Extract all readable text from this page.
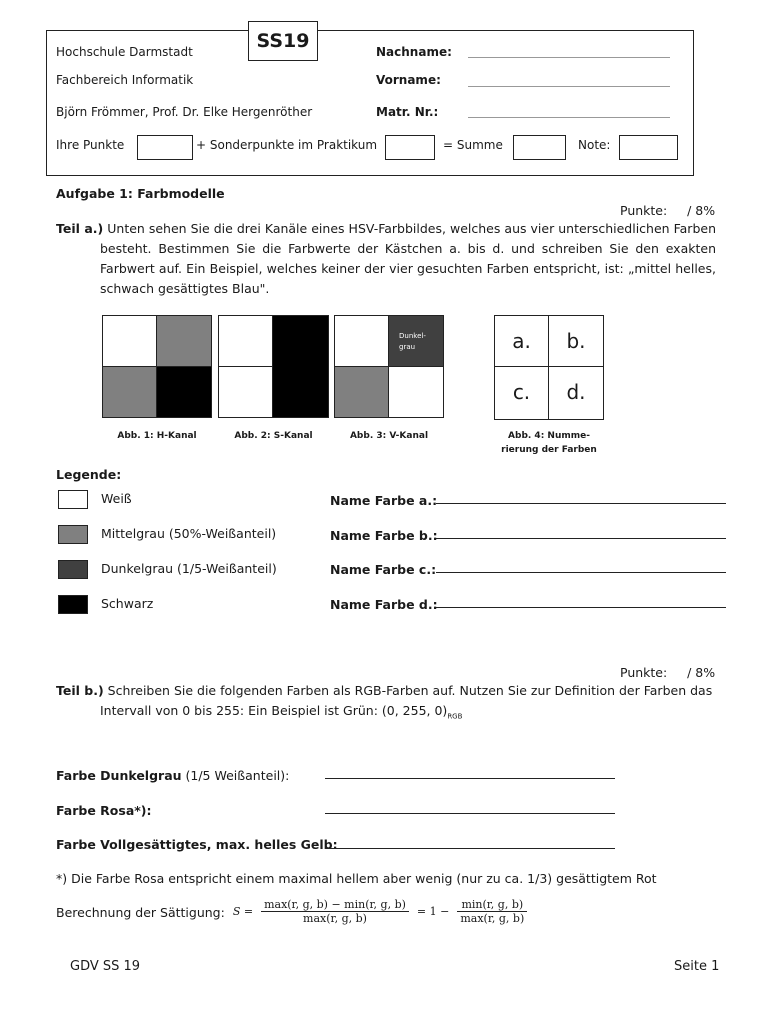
SS19
Hochschule Darmstadt
Fachbereich Informatik
Björn Frömmer, Prof. Dr. Elke Hergenröther
Nachname:
Vorname:
Matr. Nr.:
Ihre Punkte	+ Sonderpunkte im Praktikum	= Summe	Note:
Aufgabe 1: Farbmodelle
Punkte:     / 8%
Teil a.) Unten sehen Sie die drei Kanäle eines HSV-Farbbildes, welches aus vier unterschiedlichen Farben besteht. Bestimmen Sie die Farbwerte der Kästchen a. bis d. und schreiben Sie den exakten Farbwert auf. Ein Beispiel, welches keiner der vier gesuchten Farben entspricht, ist: „mittel helles, schwach gesättigtes Blau".
Dunkel-
grau	a.	b.
c.	d.
Abb. 1: H-Kanal	Abb. 2: S-Kanal	Abb. 3: V-Kanal	Abb. 4: Numme-
rierung der Farben
Legende:
Weiß
Mittelgrau (50%-Weißanteil)
Dunkelgrau (1/5-Weißanteil)
Schwarz
Name Farbe a.:
Name Farbe b.:
Name Farbe c.:
Name Farbe d.:
Punkte:     / 8%
Teil b.) Schreiben Sie die folgenden Farben als RGB-Farben auf. Nutzen Sie zur Definition der Farben das Intervall von 0 bis 255: Ein Beispiel ist Grün: (0, 255, $0)_{RGB}$
Farbe Dunkelgrau (1/5 Weißanteil):
Farbe Rosa*):
Farbe Vollgesättigtes, max. helles Gelb:
*) Die Farbe Rosa entspricht einem maximal hellem aber wenig (nur zu ca. 1/3) gesättigtem Rot
Berechnung der Sättigung: $S = \frac{\max(r, g, b) - \min(r, g, b)}{\max(r, g, b)} = 1 - \frac{\min(r, g, b)}{\max(r, g, b)}$
GDV SS 19	Seite 1
